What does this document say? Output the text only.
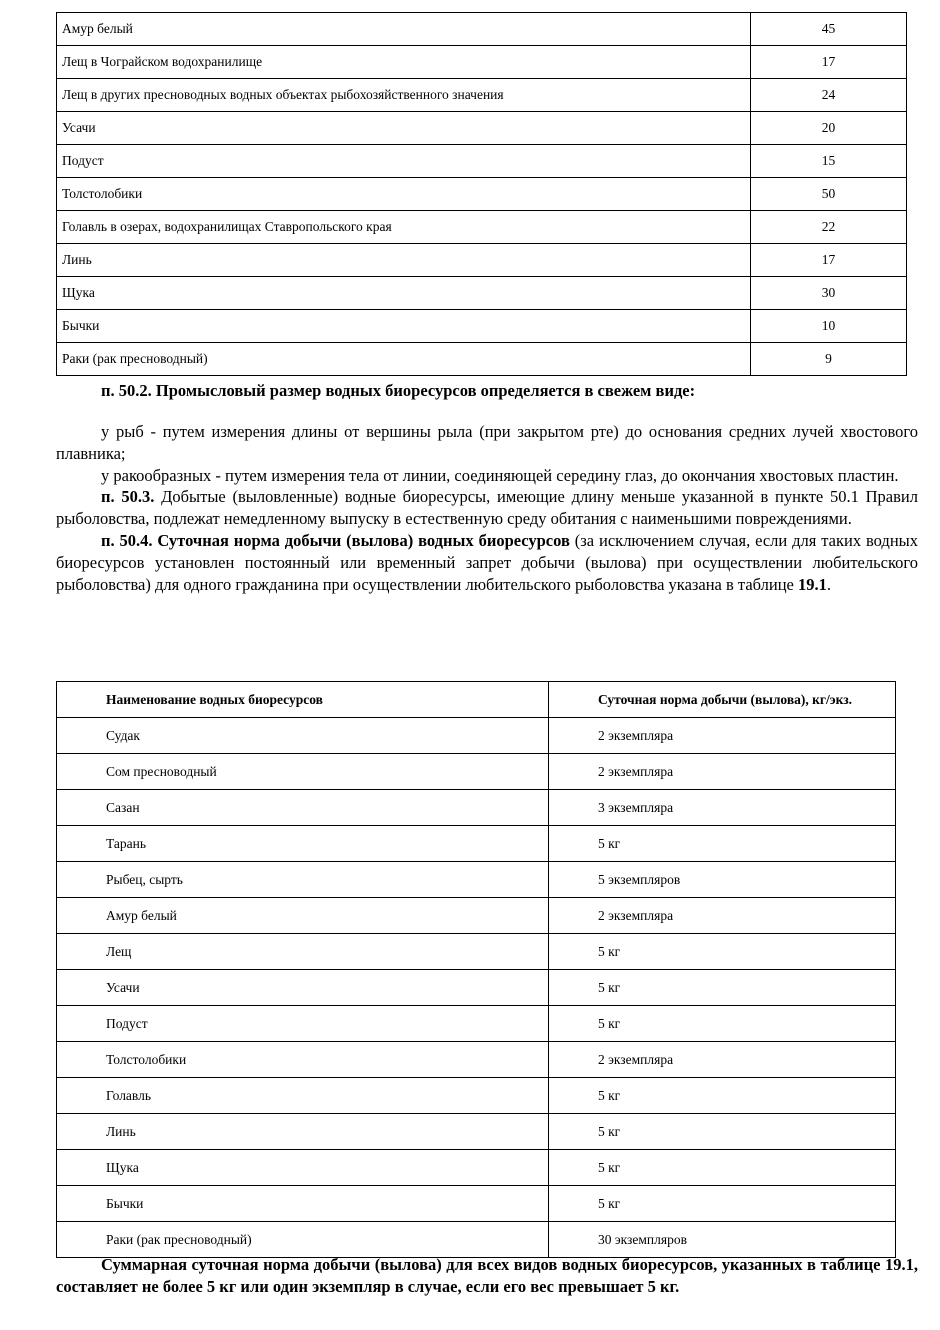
Амур белый	45
Лещ в Чограйском водохранилище	17
Лещ в других пресноводных водных объектах рыбохозяйственного значения	24
Усачи	20
Подуст	15
Толстолобики	50
Голавль в озерах, водохранилищах Ставропольского края	22
Линь	17
Щука	30
Бычки	10
Раки (рак пресноводный)	9

п. 50.2. Промысловый размер водных биоресурсов определяется в свежем виде:

у рыб - путем измерения длины от вершины рыла (при закрытом рте) до основания средних лучей хвостового плавника;

у ракообразных - путем измерения тела от линии, соединяющей середину глаз, до окончания хвостовых пластин.

п. 50.3. Добытые (выловленные) водные биоресурсы, имеющие длину меньше указанной в пункте 50.1 Правил рыболовства, подлежат немедленному выпуску в естественную среду обитания с наименьшими повреждениями.

п. 50.4. Суточная норма добычи (вылова) водных биоресурсов (за исключением случая, если для таких водных биоресурсов установлен постоянный или временный запрет добычи (вылова) при осуществлении любительского рыболовства) для одного гражданина при осуществлении любительского рыболовства указана в таблице 19.1.

Наименование водных биоресурсов	Суточная норма добычи (вылова), кг/экз.
Судак	2 экземпляра
Сом пресноводный	2 экземпляра
Сазан	3 экземпляра
Тарань	5 кг
Рыбец, сырть	5 экземпляров
Амур белый	2 экземпляра
Лещ	5 кг
Усачи	5 кг
Подуст	5 кг
Толстолобики	2 экземпляра
Голавль	5 кг
Линь	5 кг
Щука	5 кг
Бычки	5 кг
Раки (рак пресноводный)	30 экземпляров

Суммарная суточная норма добычи (вылова) для всех видов водных биоресурсов, указанных в таблице 19.1, составляет не более 5 кг или один экземпляр в случае, если его вес превышает 5 кг.
